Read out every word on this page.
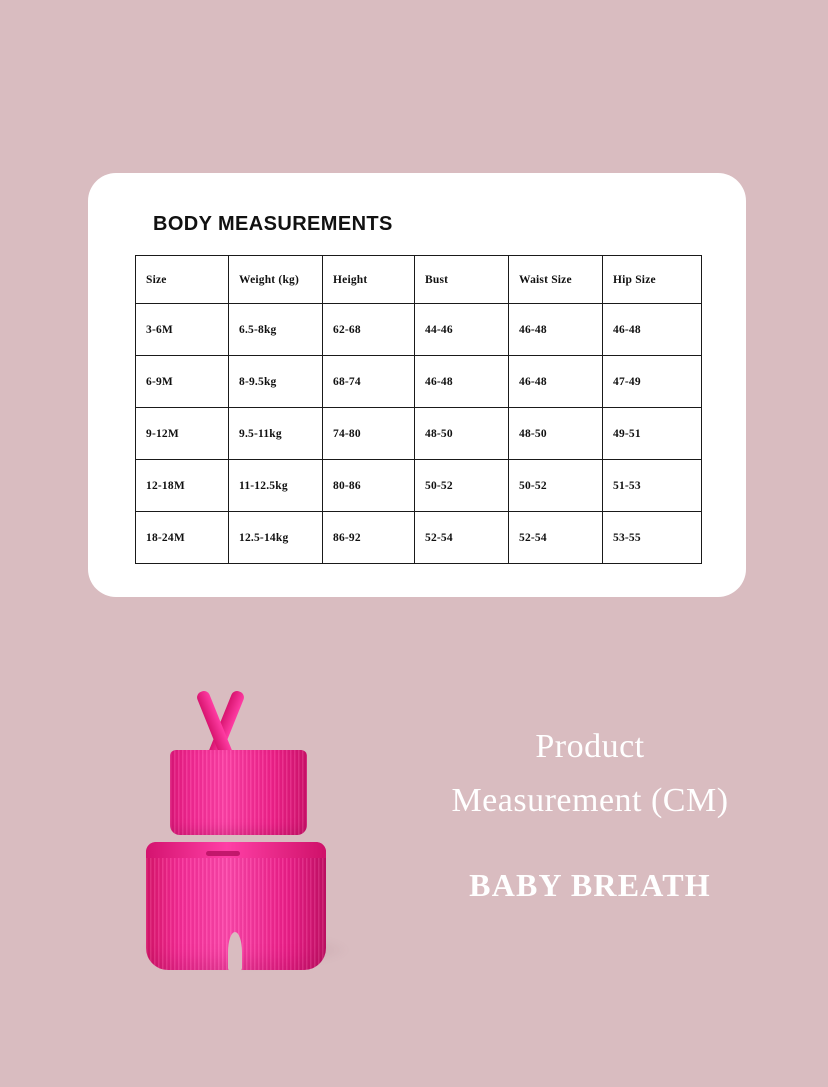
BODY MEASUREMENTS
Size	Weight (kg)	Height	Bust	Waist Size	Hip Size
3-6M	6.5-8kg	62-68	44-46	46-48	46-48
6-9M	8-9.5kg	68-74	46-48	46-48	47-49
9-12M	9.5-11kg	74-80	48-50	48-50	49-51
12-18M	11-12.5kg	80-86	50-52	50-52	51-53
18-24M	12.5-14kg	86-92	52-54	52-54	53-55
Product
Measurement (CM)
BABY BREATH
